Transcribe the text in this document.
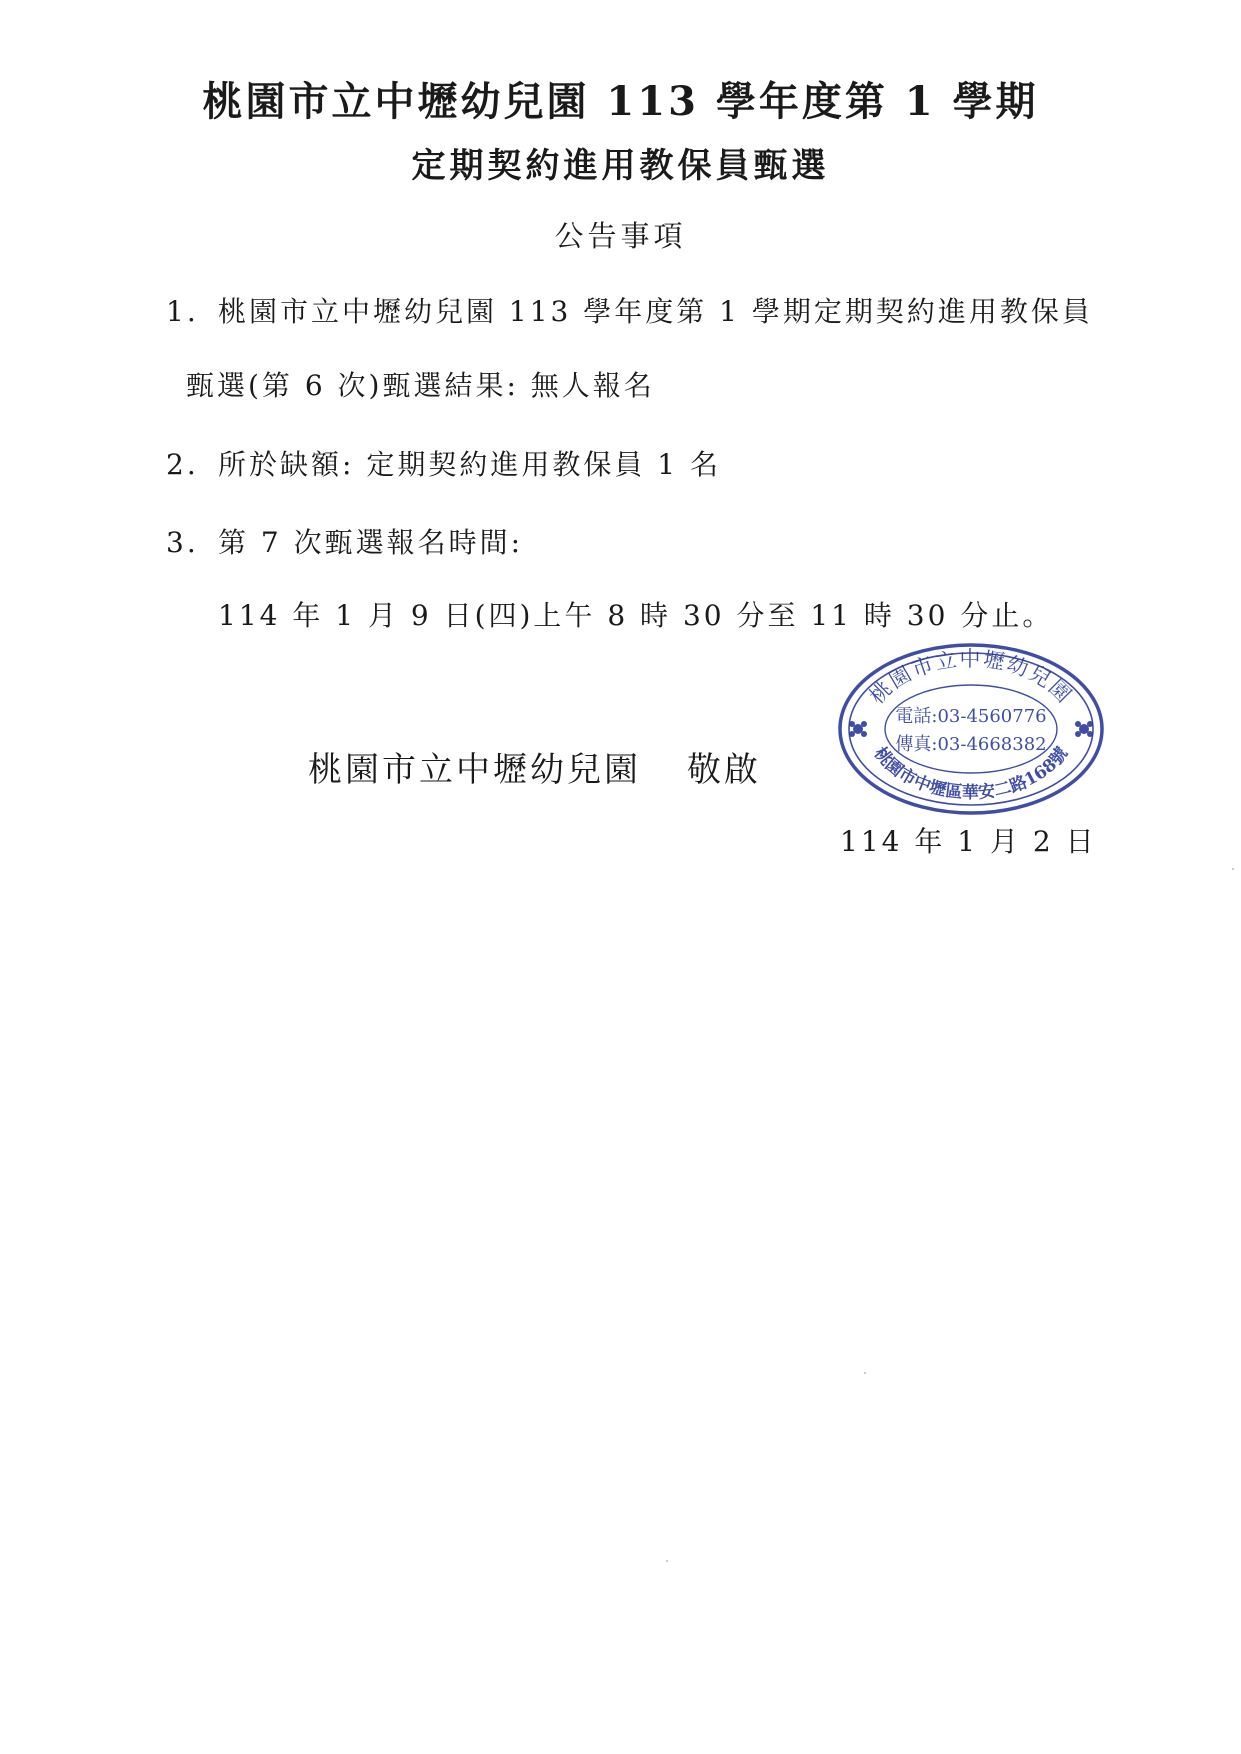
桃園市立中壢幼兒園 113 學年度第 1 學期
定期契約進用教保員甄選
公告事項
1. 桃園市立中壢幼兒園 113 學年度第 1 學期定期契約進用教保員
甄選(第 6 次)甄選結果: 無人報名
2. 所於缺額: 定期契約進用教保員 1 名
3. 第 7 次甄選報名時間:
114 年 1 月 9 日(四)上午 8 時 30 分至 11 時 30 分止。
桃園市立中壢幼兒園 敬啟
桃園市立中壢幼兒園
桃園市中壢區華安二路168號
電話:03-4560776
傳真:03-4668382
114 年 1 月 2 日
